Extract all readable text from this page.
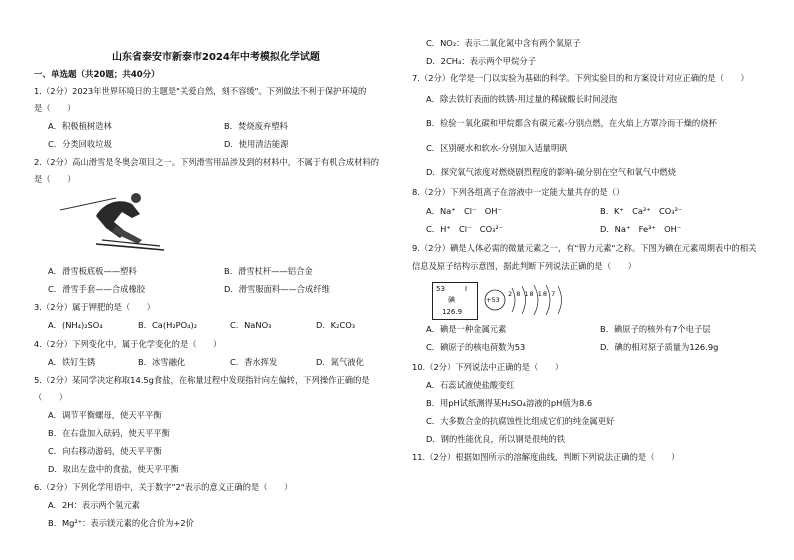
山东省泰安市新泰市2024年中考模拟化学试题
一、单选题（共20题；共40分）
1.（2分）2023年世界环境日的主题是"关爱自然，刻不容缓"。下列做法不利于保护环境的
是（　　）
A．积极植树造林	B．焚烧废弃塑料
C．分类回收垃圾	D．使用清洁能源
2.（2分）高山滑雪是冬奥会项目之一。下列滑雪用品涉及到的材料中，不属于有机合成材料的
是（　　）
A．滑雪板底板——塑料	B．滑雪杖杆——铝合金
C．滑雪手套——合成橡胶	D．滑雪服面料——合成纤维
3.（2分）属于钾肥的是（　　）
A．(NH₄)₂SO₄	B．Ca(H₂PO₄)₂	C．NaNO₃	D．K₂CO₃
4.（2分）下列变化中，属于化学变化的是（　　）
A．铁钉生锈	B．冰雪融化	C．香水挥发	D．氮气液化
5.（2分）某同学决定称取14.5g食盐，在称量过程中发现指针向左偏转，下列操作正确的是
（　　）
A．调节平衡螺母，使天平平衡
B．在右盘加入砝码，使天平平衡
C．向右移动游码，使天平平衡
D．取出左盘中的食盐，使天平平衡
6.（2分）下列化学用语中，关于数字"2"表示的意义正确的是（　　）
A．2H：表示两个氢元素
B．Mg²⁺：表示镁元素的化合价为+2价
C．NO₂：表示二氧化氮中含有两个氧原子
D．2CH₄：表示两个甲烷分子
7.（2分）化学是一门以实验为基础的科学。下列实验目的和方案设计对应正确的是（　　）
A．除去铁钉表面的铁锈-用过量的稀硫酸长时间浸泡
B．检验一氧化碳和甲烷都含有碳元素-分别点燃，在火焰上方罩冷而干燥的烧杯
C．区别硬水和软水-分别加入适量明矾
D．探究氧气浓度对燃烧剧烈程度的影响-硫分别在空气和氧气中燃烧
8.（2分）下列各组离子在溶液中一定能大量共存的是（）
A．Na⁺　Cl⁻　OH⁻	B．K⁺　Ca²⁺　CO₃²⁻
C．H⁺　Cl⁻　CO₃²⁻	D．Na⁺　Fe³⁺　OH⁻
9.（2分）碘是人体必需的微量元素之一，有"智力元素"之称。下图为碘在元素周期表中的相关
信息及原子结构示意图，据此判断下列说法正确的是（　　）
53	I
碘
126.9
+53
2 8 18 18 7
A．碘是一种金属元素	B．碘原子的核外有7个电子层
C．碘原子的核电荷数为53	D．碘的相对原子质量为126.9g
10.（2分）下列说法中正确的是（　　）
A．石蕊试液使盐酸变红
B．用pH试纸测得某H₂SO₄溶液的pH值为8.6
C．大多数合金的抗腐蚀性比组成它们的纯金属更好
D．钢的性能优良，所以钢是很纯的铁
11.（2分）根据如图所示的溶解度曲线，判断下列说法正确的是（　　）
